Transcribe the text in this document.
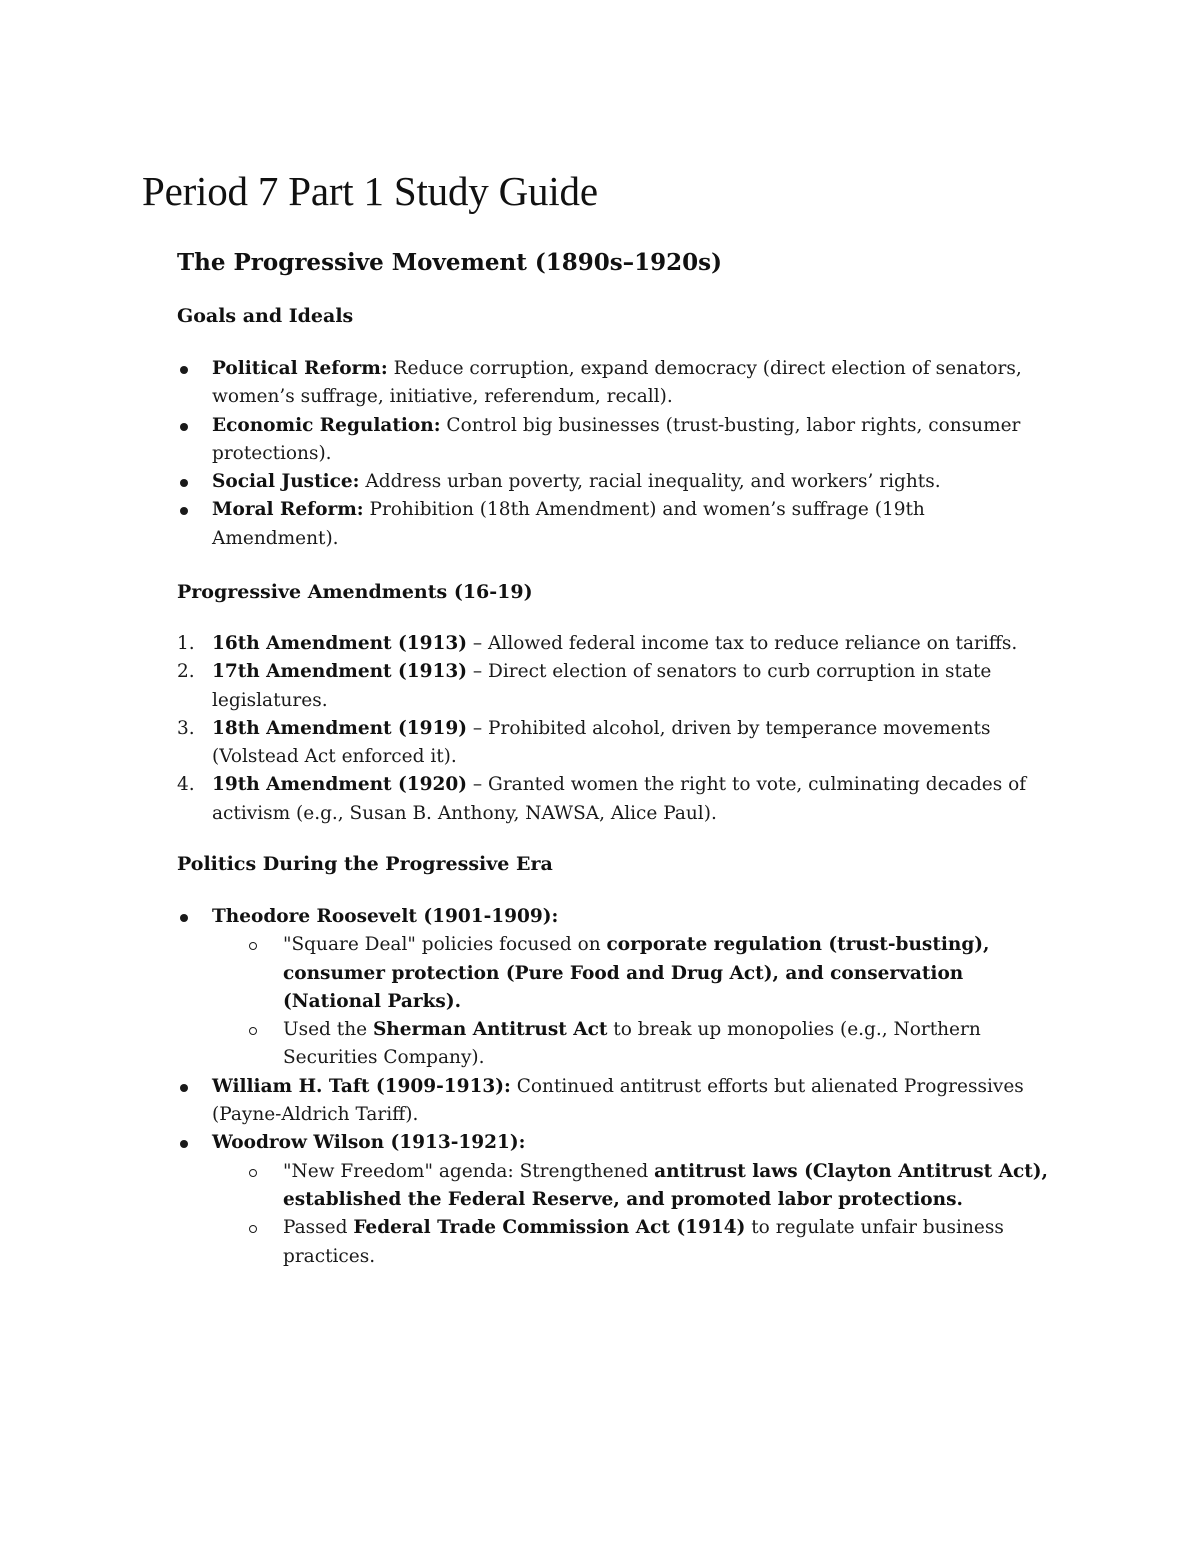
Period 7 Part 1 Study Guide
The Progressive Movement (1890s–1920s)
Goals and Ideals
Political Reform: Reduce corruption, expand democracy (direct election of senators, women’s suffrage, initiative, referendum, recall).
Economic Regulation: Control big businesses (trust-busting, labor rights, consumer protections).
Social Justice: Address urban poverty, racial inequality, and workers’ rights.
Moral Reform: Prohibition (18th Amendment) and women’s suffrage (19th Amendment).
Progressive Amendments (16-19)
1. 16th Amendment (1913) – Allowed federal income tax to reduce reliance on tariffs.
2. 17th Amendment (1913) – Direct election of senators to curb corruption in state legislatures.
3. 18th Amendment (1919) – Prohibited alcohol, driven by temperance movements (Volstead Act enforced it).
4. 19th Amendment (1920) – Granted women the right to vote, culminating decades of activism (e.g., Susan B. Anthony, NAWSA, Alice Paul).
Politics During the Progressive Era
Theodore Roosevelt (1901-1909):
"Square Deal" policies focused on corporate regulation (trust-busting), consumer protection (Pure Food and Drug Act), and conservation (National Parks).
Used the Sherman Antitrust Act to break up monopolies (e.g., Northern Securities Company).
William H. Taft (1909-1913): Continued antitrust efforts but alienated Progressives (Payne-Aldrich Tariff).
Woodrow Wilson (1913-1921):
"New Freedom" agenda: Strengthened antitrust laws (Clayton Antitrust Act), established the Federal Reserve, and promoted labor protections.
Passed Federal Trade Commission Act (1914) to regulate unfair business practices.
